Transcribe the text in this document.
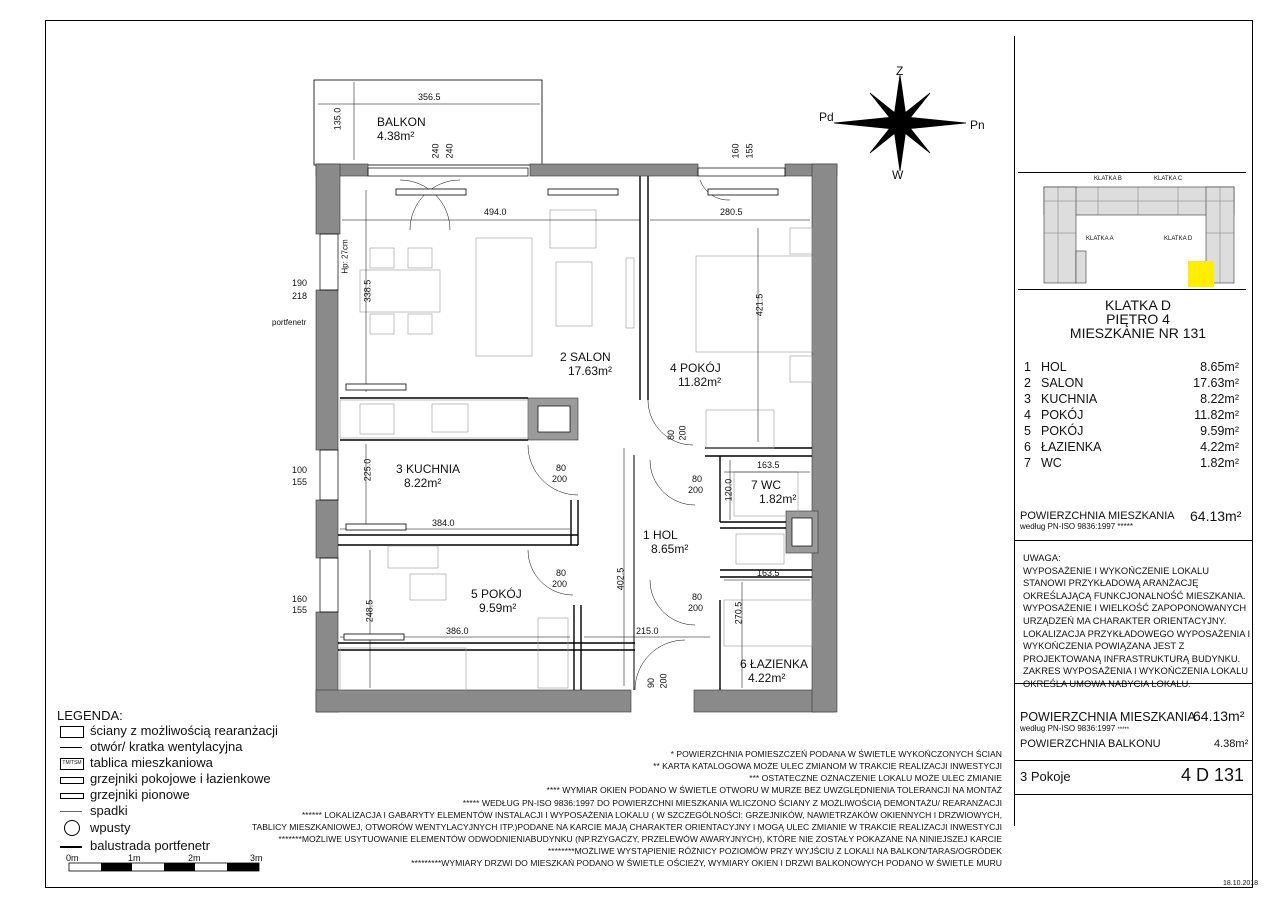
Z
Pn
W
Pd
BALKON
4.38m²
2 SALON
17.63m²	4 POKÓJ
11.82m²
3 KUCHNIA
8.22m²	7 WC
1.82m²
1 HOL
8.65m²
5 POKÓJ
9.59m²
6 ŁAZIENKA
4.22m²
356.5
135.0
240 240	160 155
494.0	280.5
338.5
421.5
Hp: 27cm
190
218
portfenetr
225.0
100
155
384.0
80
200
80 200
80
200
163.5
120.0
80
200
163.5
80
200	270.5
402.5
386.0	215.0
248.5
160
155
90 200
KLATKA B	KLATKA C
KLATKA A	KLATKA D
KLATKA D
PIĘTRO 4
MIESZKANIE NR 131
1 HOL	8.65m²
2 SALON	17.63m²
3 KUCHNIA	8.22m²
4 POKÓJ	11.82m²
5 POKÓJ	9.59m²
6 ŁAZIENKA	4.22m²
7 WC	1.82m²
POWIERZCHNIA MIESZKANIA
według PN-ISO 9836:1997 *****
64.13m²
UWAGA:
WYPOSAŻENIE I WYKOŃCZENIE LOKALU STANOWI PRZYKŁADOWĄ ARANŻACJĘ OKREŚLAJĄCĄ FUNKCJONALNOŚĆ MIESZKANIA. WYPOSAŻENIE I WIELKOŚĆ ZAPOPONOWANYCH URZĄDZEŃ MA CHARAKTER ORIENTACYJNY. LOKALIZACJA PRZYKŁADOWEGO WYPOSAŻENIA I WYKOŃCZENIA POWIĄZANA JEST Z PROJEKTOWANĄ INFRASTRUKTURĄ BUDYNKU. ZAKRES WYPOSAŻENIA I WYKOŃCZENIA LOKALU
POWIERZCHNIA MIESZKANIA
według PN-ISO 9836:1997 *****
64.13m²
POWIERZCHNIA BALKONU	4.38m²
3 Pokoje	4 D 131
18.10.2018
LEGENDA:
ściany z możliwością rearanżacji
otwór/ kratka wentylacyjna
TM/TSM tablica mieszkaniowa
grzejniki pokojowe i łazienkowe
grzejniki pionowe
spadki
wpusty
balustrada portfenetr
0m	1m	2m	3m
* POWIERZCHNIA POMIESZCZEŃ PODANA W ŚWIETLE WYKOŃCZONYCH ŚCIAN
** KARTA KATALOGOWA MOŻE ULEC ZMIANOM W TRAKCIE REALIZACJI INWESTYCJI
*** OSTATECZNE OZNACZENIE LOKALU MOŻE ULEC ZMIANIE
**** WYMIAR OKIEN PODANO W ŚWIETLE OTWORU W MURZE BEZ UWZGLĘDNIENIA TOLERANCJI NA MONTAŻ
***** WEDŁUG PN-ISO 9836:1997 DO POWIERZCHNI MIESZKANIA WLICZONO ŚCIANY Z MOŻLIWOŚCIĄ DEMONTAŻU/ REARANŻACJI
****** LOKALIZACJA I GABARYTY ELEMENTÓW INSTALACJI I WYPOSAŻENIA LOKALU ( W SZCZEGÓLNOŚCI: GRZEJNIKÓW, NAWIETRZAKÓW OKIENNYCH I DRZWIOWYCH,
TABLICY MIESZKANIOWEJ, OTWORÓW WENTYLACYJNYCH ITP.)PODANE NA KARCIE MAJĄ CHARAKTER ORIENTACYJNY I MOGĄ ULEC ZMIANIE W TRAKCIE REALIZACJI INWESTYCJI
*******MOŻLIWE USYTUOWANIE ELEMENTÓW ODWODNIENIABUDYNKU (NP.RZYGACZY, PRZELEWÓW AWARYJNYCH), KTÓRE NIE ZOSTAŁY POKAZANE NA NINIEJSZEJ KARCIE
********MOŻLIWE WYSTĄPIENIE RÓŻNICY POZIOMÓW PRZY WYJŚCIU Z LOKALI NA BALKON/TARAS/OGRÓDEK
*********WYMIARY DRZWI DO MIESZKAŃ PODANO W ŚWIETLE OŚCIEŻY, WYMIARY OKIEN I DRZWI BALKONOWYCH PODANO W ŚWIETLE MURU
